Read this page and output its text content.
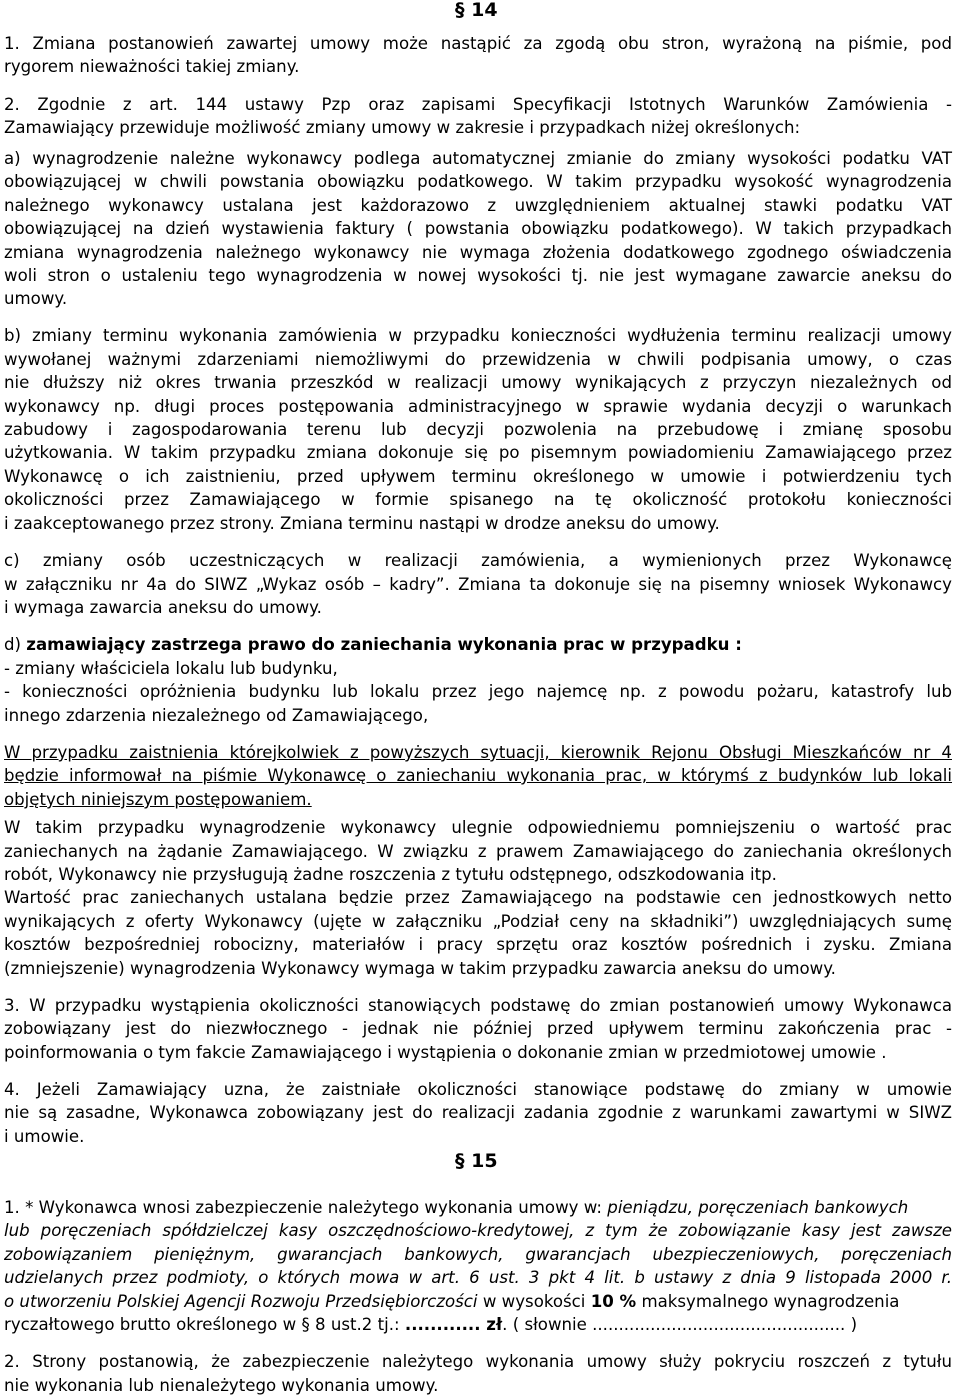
§ 14
1. Zmiana postanowień zawartej umowy może nastąpić za zgodą obu stron, wyrażoną na piśmie, pod
rygorem nieważności takiej zmiany.
2. Zgodnie z art. 144 ustawy Pzp oraz zapisami Specyfikacji Istotnych Warunków Zamówienia -
Zamawiający przewiduje możliwość zmiany umowy w zakresie i przypadkach niżej określonych:
a) wynagrodzenie należne wykonawcy podlega automatycznej zmianie do zmiany wysokości podatku VAT
obowiązującej w chwili powstania obowiązku podatkowego. W takim przypadku wysokość wynagrodzenia
należnego wykonawcy ustalana jest każdorazowo z uwzględnieniem aktualnej stawki podatku VAT
obowiązującej na dzień wystawienia faktury ( powstania obowiązku podatkowego). W takich przypadkach
zmiana wynagrodzenia należnego wykonawcy nie wymaga złożenia dodatkowego zgodnego oświadczenia
woli stron o ustaleniu tego wynagrodzenia w nowej wysokości tj. nie jest wymagane zawarcie aneksu do
umowy.
b) zmiany terminu wykonania zamówienia w przypadku konieczności wydłużenia terminu realizacji umowy
wywołanej ważnymi zdarzeniami niemożliwymi do przewidzenia w chwili podpisania umowy, o czas
nie dłuższy niż okres trwania przeszkód w realizacji umowy wynikających z przyczyn niezależnych od
wykonawcy np. długi proces postępowania administracyjnego w sprawie wydania decyzji o warunkach
zabudowy i zagospodarowania terenu lub decyzji pozwolenia na przebudowę i zmianę sposobu
użytkowania. W takim przypadku zmiana dokonuje się po pisemnym powiadomieniu Zamawiającego przez
Wykonawcę o ich zaistnieniu, przed upływem terminu określonego w umowie i potwierdzeniu tych
okoliczności przez Zamawiającego w formie spisanego na tę okoliczność protokołu konieczności
i zaakceptowanego przez strony. Zmiana terminu nastąpi w drodze aneksu do umowy.
c) zmiany osób uczestniczących w realizacji zamówienia, a wymienionych przez Wykonawcę
w załączniku nr 4a do SIWZ „Wykaz osób – kadry”. Zmiana ta dokonuje się na pisemny wniosek Wykonawcy
i wymaga zawarcia aneksu do umowy.
d) zamawiający zastrzega prawo do zaniechania wykonania prac w przypadku :
- zmiany właściciela lokalu lub budynku,
- konieczności opróżnienia budynku lub lokalu przez jego najemcę np. z powodu pożaru, katastrofy lub
innego zdarzenia niezależnego od Zamawiającego,
W przypadku zaistnienia którejkolwiek z powyższych sytuacji, kierownik Rejonu Obsługi Mieszkańców nr 4
będzie informował na piśmie Wykonawcę o zaniechaniu wykonania prac, w którymś z budynków lub lokali
objętych niniejszym postępowaniem.
W takim przypadku wynagrodzenie wykonawcy ulegnie odpowiedniemu pomniejszeniu o wartość prac
zaniechanych na żądanie Zamawiającego. W związku z prawem Zamawiającego do zaniechania określonych
robót, Wykonawcy nie przysługują żadne roszczenia z tytułu odstępnego, odszkodowania itp.
Wartość prac zaniechanych ustalana będzie przez Zamawiającego na podstawie cen jednostkowych netto
wynikających z oferty Wykonawcy (ujęte w załączniku „Podział ceny na składniki”) uwzględniających sumę
kosztów bezpośredniej robocizny, materiałów i pracy sprzętu oraz kosztów pośrednich i zysku. Zmiana
(zmniejszenie) wynagrodzenia Wykonawcy wymaga w takim przypadku zawarcia aneksu do umowy.
3. W przypadku wystąpienia okoliczności stanowiących podstawę do zmian postanowień umowy Wykonawca
zobowiązany jest do niezwłocznego - jednak nie później przed upływem terminu zakończenia prac -
poinformowania o tym fakcie Zamawiającego i wystąpienia o dokonanie zmian w przedmiotowej umowie .
4. Jeżeli Zamawiający uzna, że zaistniałe okoliczności stanowiące podstawę do zmiany w umowie
nie są zasadne, Wykonawca zobowiązany jest do realizacji zadania zgodnie z warunkami zawartymi w SIWZ
i umowie.
§ 15
1. * Wykonawca wnosi zabezpieczenie należytego wykonania umowy w: pieniądzu, poręczeniach bankowych
lub poręczeniach spółdzielczej kasy oszczędnościowo-kredytowej, z tym że zobowiązanie kasy jest zawsze
zobowiązaniem pieniężnym, gwarancjach bankowych, gwarancjach ubezpieczeniowych, poręczeniach
udzielanych przez podmioty, o których mowa w art. 6 ust. 3 pkt 4 lit. b ustawy z dnia 9 listopada 2000 r.
o utworzeniu Polskiej Agencji Rozwoju Przedsiębiorczości w wysokości 10 % maksymalnego wynagrodzenia
ryczałtowego brutto określonego w § 8 ust.2 tj.: ............ zł. ( słownie ................................................ )
2. Strony postanowią, że zabezpieczenie należytego wykonania umowy służy pokryciu roszczeń z tytułu
nie wykonania lub nienależytego wykonania umowy.
